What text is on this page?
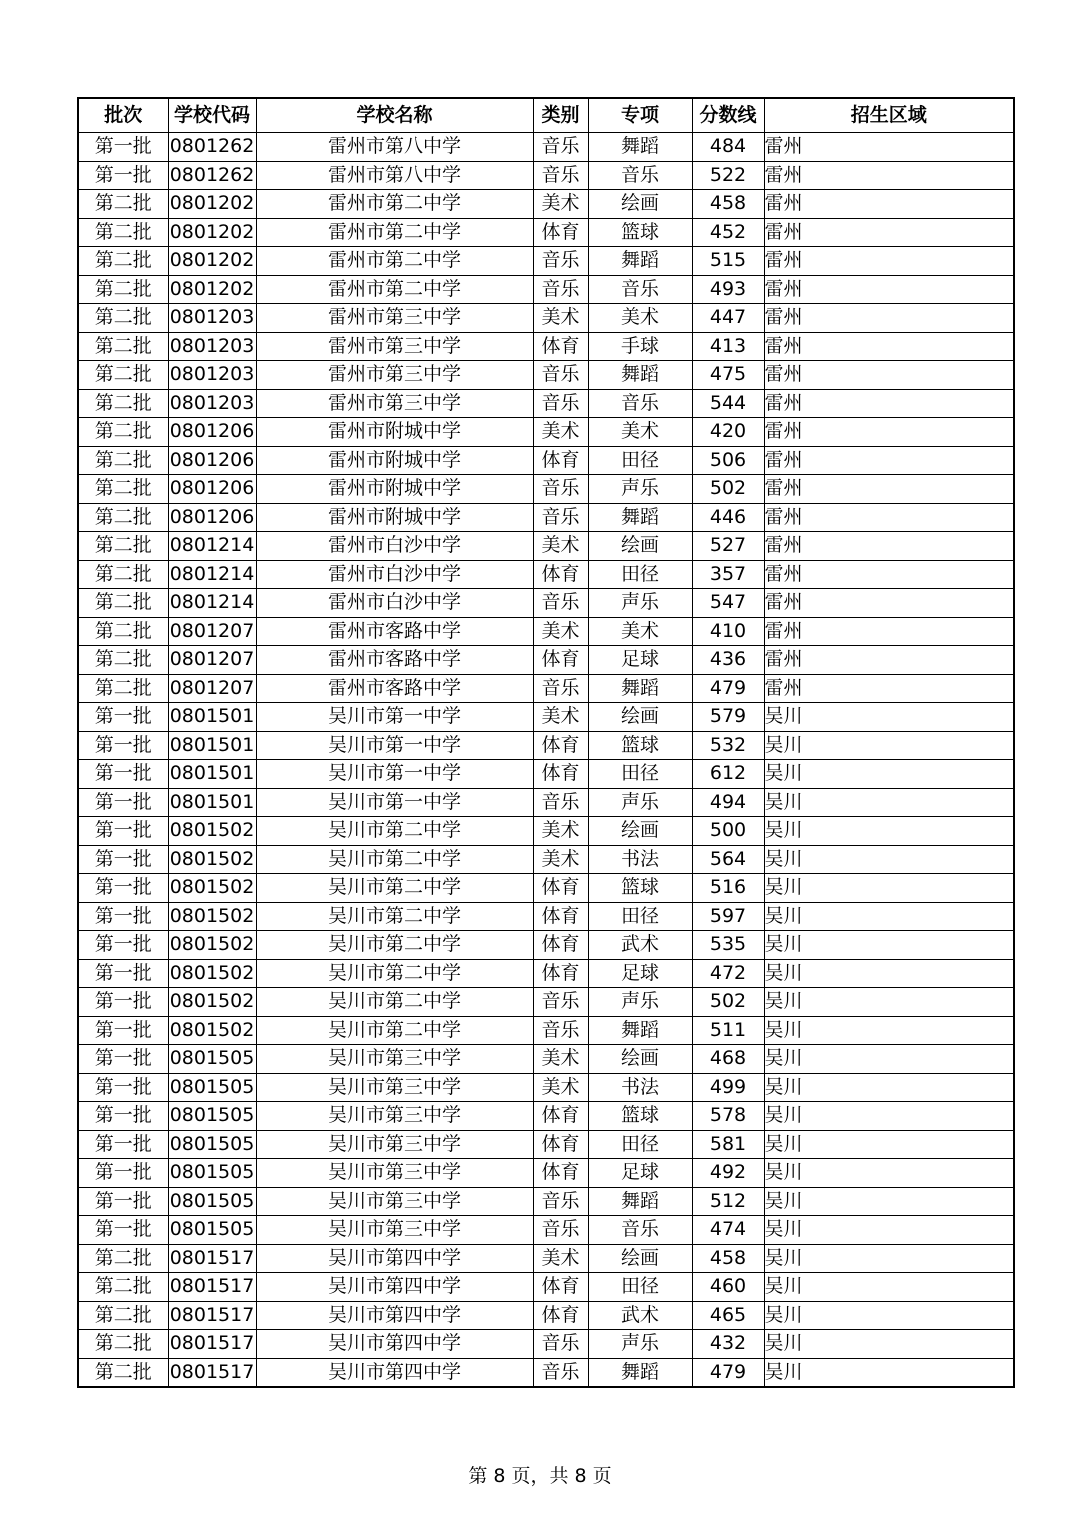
批次	学校代码	学校名称	类别	专项	分数线	招生区域
第一批	0801262	雷州市第八中学	音乐	舞蹈	484	雷州
第一批	0801262	雷州市第八中学	音乐	音乐	522	雷州
第二批	0801202	雷州市第二中学	美术	绘画	458	雷州
第二批	0801202	雷州市第二中学	体育	篮球	452	雷州
第二批	0801202	雷州市第二中学	音乐	舞蹈	515	雷州
第二批	0801202	雷州市第二中学	音乐	音乐	493	雷州
第二批	0801203	雷州市第三中学	美术	美术	447	雷州
第二批	0801203	雷州市第三中学	体育	手球	413	雷州
第二批	0801203	雷州市第三中学	音乐	舞蹈	475	雷州
第二批	0801203	雷州市第三中学	音乐	音乐	544	雷州
第二批	0801206	雷州市附城中学	美术	美术	420	雷州
第二批	0801206	雷州市附城中学	体育	田径	506	雷州
第二批	0801206	雷州市附城中学	音乐	声乐	502	雷州
第二批	0801206	雷州市附城中学	音乐	舞蹈	446	雷州
第二批	0801214	雷州市白沙中学	美术	绘画	527	雷州
第二批	0801214	雷州市白沙中学	体育	田径	357	雷州
第二批	0801214	雷州市白沙中学	音乐	声乐	547	雷州
第二批	0801207	雷州市客路中学	美术	美术	410	雷州
第二批	0801207	雷州市客路中学	体育	足球	436	雷州
第二批	0801207	雷州市客路中学	音乐	舞蹈	479	雷州
第一批	0801501	吴川市第一中学	美术	绘画	579	吴川
第一批	0801501	吴川市第一中学	体育	篮球	532	吴川
第一批	0801501	吴川市第一中学	体育	田径	612	吴川
第一批	0801501	吴川市第一中学	音乐	声乐	494	吴川
第一批	0801502	吴川市第二中学	美术	绘画	500	吴川
第一批	0801502	吴川市第二中学	美术	书法	564	吴川
第一批	0801502	吴川市第二中学	体育	篮球	516	吴川
第一批	0801502	吴川市第二中学	体育	田径	597	吴川
第一批	0801502	吴川市第二中学	体育	武术	535	吴川
第一批	0801502	吴川市第二中学	体育	足球	472	吴川
第一批	0801502	吴川市第二中学	音乐	声乐	502	吴川
第一批	0801502	吴川市第二中学	音乐	舞蹈	511	吴川
第一批	0801505	吴川市第三中学	美术	绘画	468	吴川
第一批	0801505	吴川市第三中学	美术	书法	499	吴川
第一批	0801505	吴川市第三中学	体育	篮球	578	吴川
第一批	0801505	吴川市第三中学	体育	田径	581	吴川
第一批	0801505	吴川市第三中学	体育	足球	492	吴川
第一批	0801505	吴川市第三中学	音乐	舞蹈	512	吴川
第一批	0801505	吴川市第三中学	音乐	音乐	474	吴川
第二批	0801517	吴川市第四中学	美术	绘画	458	吴川
第二批	0801517	吴川市第四中学	体育	田径	460	吴川
第二批	0801517	吴川市第四中学	体育	武术	465	吴川
第二批	0801517	吴川市第四中学	音乐	声乐	432	吴川
第二批	0801517	吴川市第四中学	音乐	舞蹈	479	吴川
第 8 页，共 8 页
